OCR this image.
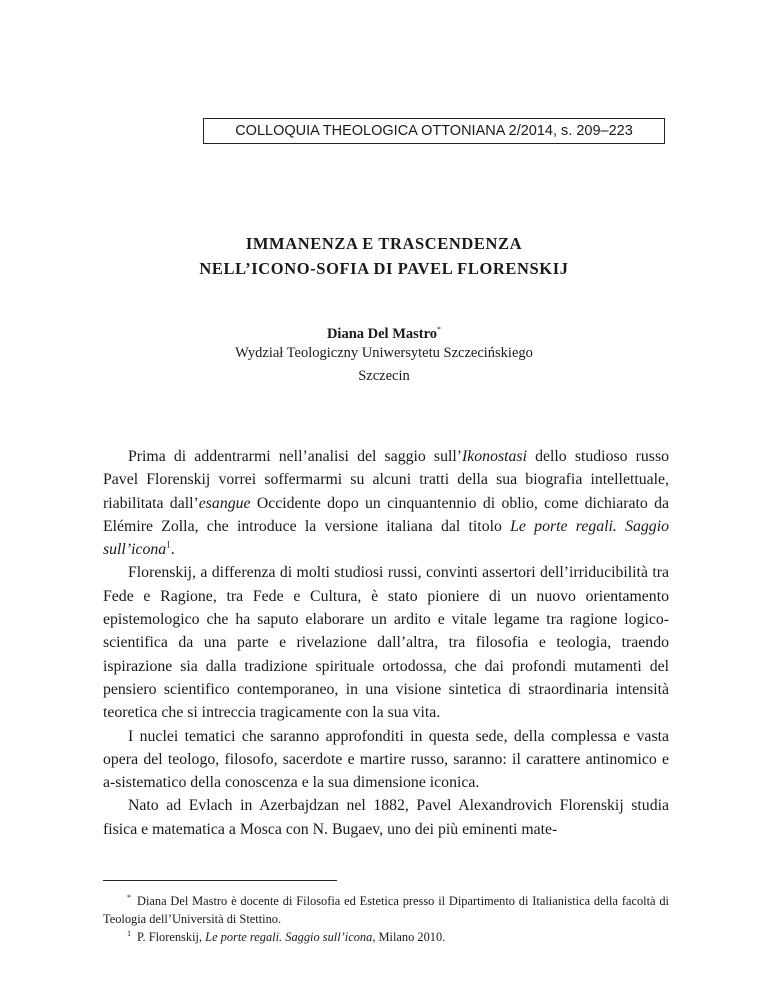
COLLOQUIA THEOLOGICA OTTONIANA 2/2014, s. 209–223
IMMANENZA E TRASCENDENZA
NELL’ICONO-SOFIA DI PAVEL FLORENSKIJ
Diana Del Mastro*
Wydział Teologiczny Uniwersytetu Szczecińskiego
Szczecin

Prima di addentrarmi nell’analisi del saggio sull’Ikonostasi dello studioso russo Pavel Florenskij vorrei soffermarmi su alcuni tratti della sua biografia intellettuale, riabilitata dall’esangue Occidente dopo un cinquantennio di oblio, come dichiarato da Elémire Zolla, che introduce la versione italiana dal titolo Le porte regali. Saggio sull’icona$^1$.

Florenskij, a differenza di molti studiosi russi, convinti assertori dell’irriducibilità tra Fede e Ragione, tra Fede e Cultura, è stato pioniere di un nuovo orientamento epistemologico che ha saputo elaborare un ardito e vitale legame tra ragione logico-scientifica da una parte e rivelazione dall’altra, tra filosofia e teologia, traendo ispirazione sia dalla tradizione spirituale ortodossa, che dai profondi mutamenti del pensiero scientifico contemporaneo, in una visione sintetica di straordinaria intensità teoretica che si intreccia tragicamente con la sua vita.

I nuclei tematici che saranno approfonditi in questa sede, della complessa e vasta opera del teologo, filosofo, sacerdote e martire russo, saranno: il carattere antinomico e a-sistematico della conoscenza e la sua dimensione iconica.

Nato ad Evlach in Azerbajdzan nel 1882, Pavel Alexandrovich Florenskij studia fisica e matematica a Mosca con N. Bugaev, uno dei più eminenti mate-

* Diana Del Mastro è docente di Filosofia ed Estetica presso il Dipartimento di Italianistica della facoltà di Teologia dell’Università di Stettino.

$^1$ P. Florenskij, Le porte regali. Saggio sull’icona, Milano 2010.
